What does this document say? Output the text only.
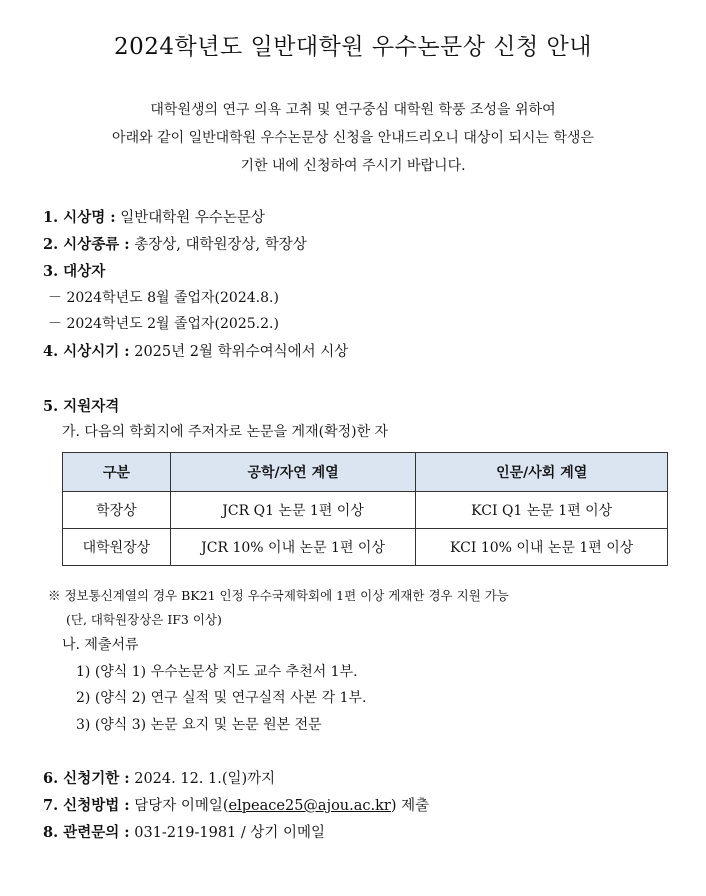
2024학년도 일반대학원 우수논문상 신청 안내
대학원생의 연구 의욕 고취 및 연구중심 대학원 학풍 조성을 위하여
아래와 같이 일반대학원 우수논문상 신청을 안내드리오니 대상이 되시는 학생은
기한 내에 신청하여 주시기 바랍니다.
1. 시상명 : 일반대학원 우수논문상
2. 시상종류 : 총장상, 대학원장상, 학장상
3. 대상자
－ 2024학년도 8월 졸업자(2024.8.)
－ 2024학년도 2월 졸업자(2025.2.)
4. 시상시기 : 2025년 2월 학위수여식에서 시상
5. 지원자격
가. 다음의 학회지에 주저자로 논문을 게재(확정)한 자
구분	공학/자연 계열	인문/사회 계열
학장상	JCR Q1 논문 1편 이상	KCI Q1 논문 1편 이상
대학원장상	JCR 10% 이내 논문 1편 이상	KCI 10% 이내 논문 1편 이상
※ 정보통신계열의 경우 BK21 인정 우수국제학회에 1편 이상 게재한 경우 지원 가능
(단, 대학원장상은 IF3 이상)
나. 제출서류
1) (양식 1) 우수논문상 지도 교수 추천서 1부.
2) (양식 2) 연구 실적 및 연구실적 사본 각 1부.
3) (양식 3) 논문 요지 및 논문 원본 전문
6. 신청기한 : 2024. 12. 1.(일)까지
7. 신청방법 : 담당자 이메일(elpeace25@ajou.ac.kr) 제출
8. 관련문의 : 031-219-1981 / 상기 이메일
